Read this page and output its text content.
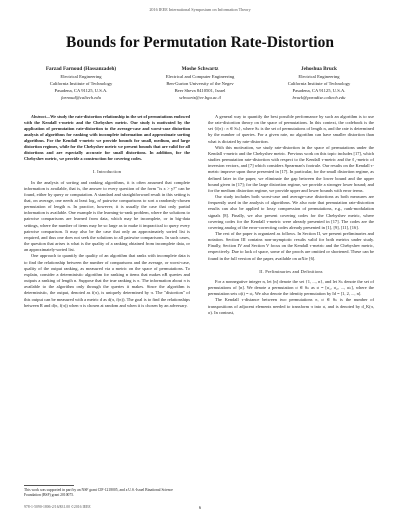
2016 IEEE International Symposium on Information Theory
Bounds for Permutation Rate-Distortion
Farzad Farnoud (Hassanzadeh)
Electrical Engineering
California Institute of Technology
Pasadena, CA 91125, U.S.A.
farnoud@caltech.edu
Moshe Schwartz
Electrical and Computer Engineering
Ben-Gurion University of the Negev
Beer Sheva 8410501, Israel
schwartz@ee.bgu.ac.il
Jehoshua Bruck
Electrical Engineering
California Institute of Technology
Pasadena, CA 91125, U.S.A.
bruck@paradise.caltech.edu

Abstract—We study the rate-distortion relationship in the set of permutations endowed with the Kendall τ-metric and the Chebyshev metric. Our study is motivated by the application of permutation rate-distortion to the average-case and worst-case distortion analysis of algorithms for ranking with incomplete information and approximate sorting algorithms. For the Kendall τ-metric we provide bounds for small, medium, and large distortion regimes, while for the Chebyshev metric we present bounds that are valid for all distortions and are especially accurate for small distortions. In addition, for the Chebyshev metric, we provide a construction for covering codes.

I. Introduction

In the analysis of sorting and ranking algorithms, it is often assumed that complete information is available, that is, the answer to every question of the form "is x > y?" can be found, either by query or computation. A standard and straightforward result in this setting is that, on average, one needs at least log₂ n! pairwise comparisons to sort a randomly-chosen permutation of length n. In practice, however, it is usually the case that only partial information is available. One example is the learning-to-rank problem, where the solutions to pairwise comparisons are learned from data, which may be incomplete, or in big-data settings, where the number of items may be so large as to make it impractical to query every pairwise comparison. It may also be the case that only an approximately sorted list is required, and thus one does not seek the solutions to all pairwise comparisons. In such cases, the question that arises is what is the quality of a ranking obtained from incomplete data, or an approximately-sorted list.

One approach to quantify the quality of an algorithm that ranks with incomplete data is to find the relationship between the number of comparisons and the average, or worst-case, quality of the output ranking, as measured via a metric on the space of permutations. To explain, consider a deterministic algorithm for ranking n items that makes nR queries and outputs a ranking of length n. Suppose that the true ranking is π. The information about π is available to the algorithm only through the queries it makes. Since the algorithm is deterministic, the output, denoted as f(π), is uniquely determined by π. The "distortion" of this output can be measured with a metric d as d(π, f(π)). The goal is to find the relationships between R and d(π, f(π)) when π is chosen at random and when it is chosen by an adversary.

This work was supported in part by an NSF grant CIF-1218005, and a U.S.-Israel Binational Science Foundation (BSF) grant 2010075.

A general way to quantify the best possible performance by such an algorithm is to use the rate-distortion theory on the space of permutations. In this context, the codebook is the set {f(π) : π ∈ Sₙ}, where Sₙ is the set of permutations of length n, and the rate is determined by the number of queries. For a given rate, no algorithm can have smaller distortion than what is dictated by rate-distortion.

With this motivation, we study rate-distortion in the space of permutations under the Kendall τ-metric and the Chebyshev metric. Previous work on this topic includes [17], which studies permutation rate-distortion with respect to the Kendall τ-metric and the ℓ₁-metric of inversion vectors, and [7] which considers Spearman's footrule. Our results on the Kendall τ-metric improve upon those presented in [17]. In particular, for the small distortion regime, as defined later in the paper, we eliminate the gap between the lower bound and the upper bound given in [17]; for the large distortion regime, we provide a stronger lower bound; and for the medium distortion regime, we provide upper and lower bounds with error terms.

Our study includes both worst-case and average-case distortions as both measures are frequently used in the analysis of algorithms. We also note that permutation rate-distortion results can also be applied to lossy compression of permutations, e.g., rank-modulation signals [8]. Finally, we also present covering codes for the Chebyshev metric, where covering codes for the Kendall τ-metric were already presented in [17]. The codes are the covering analog of the error-correcting codes already presented in [1], [9], [11], [16].

The rest of the paper is organized as follows. In Section II, we present preliminaries and notation. Section III contains non-asymptotic results valid for both metrics under study. Finally, Section IV and Section V focus on the Kendall τ-metric and the Chebyshev metric, respectively. Due to lack of space, some of the proofs are omitted or shortened. These can be found in the full version of the paper, available on arXiv [6].

II. Preliminaries and Definitions

For a nonnegative integer n, let [n] denote the set {1, ..., n}, and let Sₙ denote the set of permutations of [n]. We denote a permutation σ ∈ Sₙ as σ = [σ₁, σ₂, ..., σₙ], where the permutation sets σ(i) = σᵢ. We also denote the identity permutation by Id = [1, 2, ..., n].

The Kendall τ-distance between two permutations π, σ ∈ Sₙ is the number of transpositions of adjacent elements needed to transform π into σ, and is denoted by d_K(π, σ). In contrast,

978-1-5090-1806-2/16/$31.00 ©2016 IEEE	6
